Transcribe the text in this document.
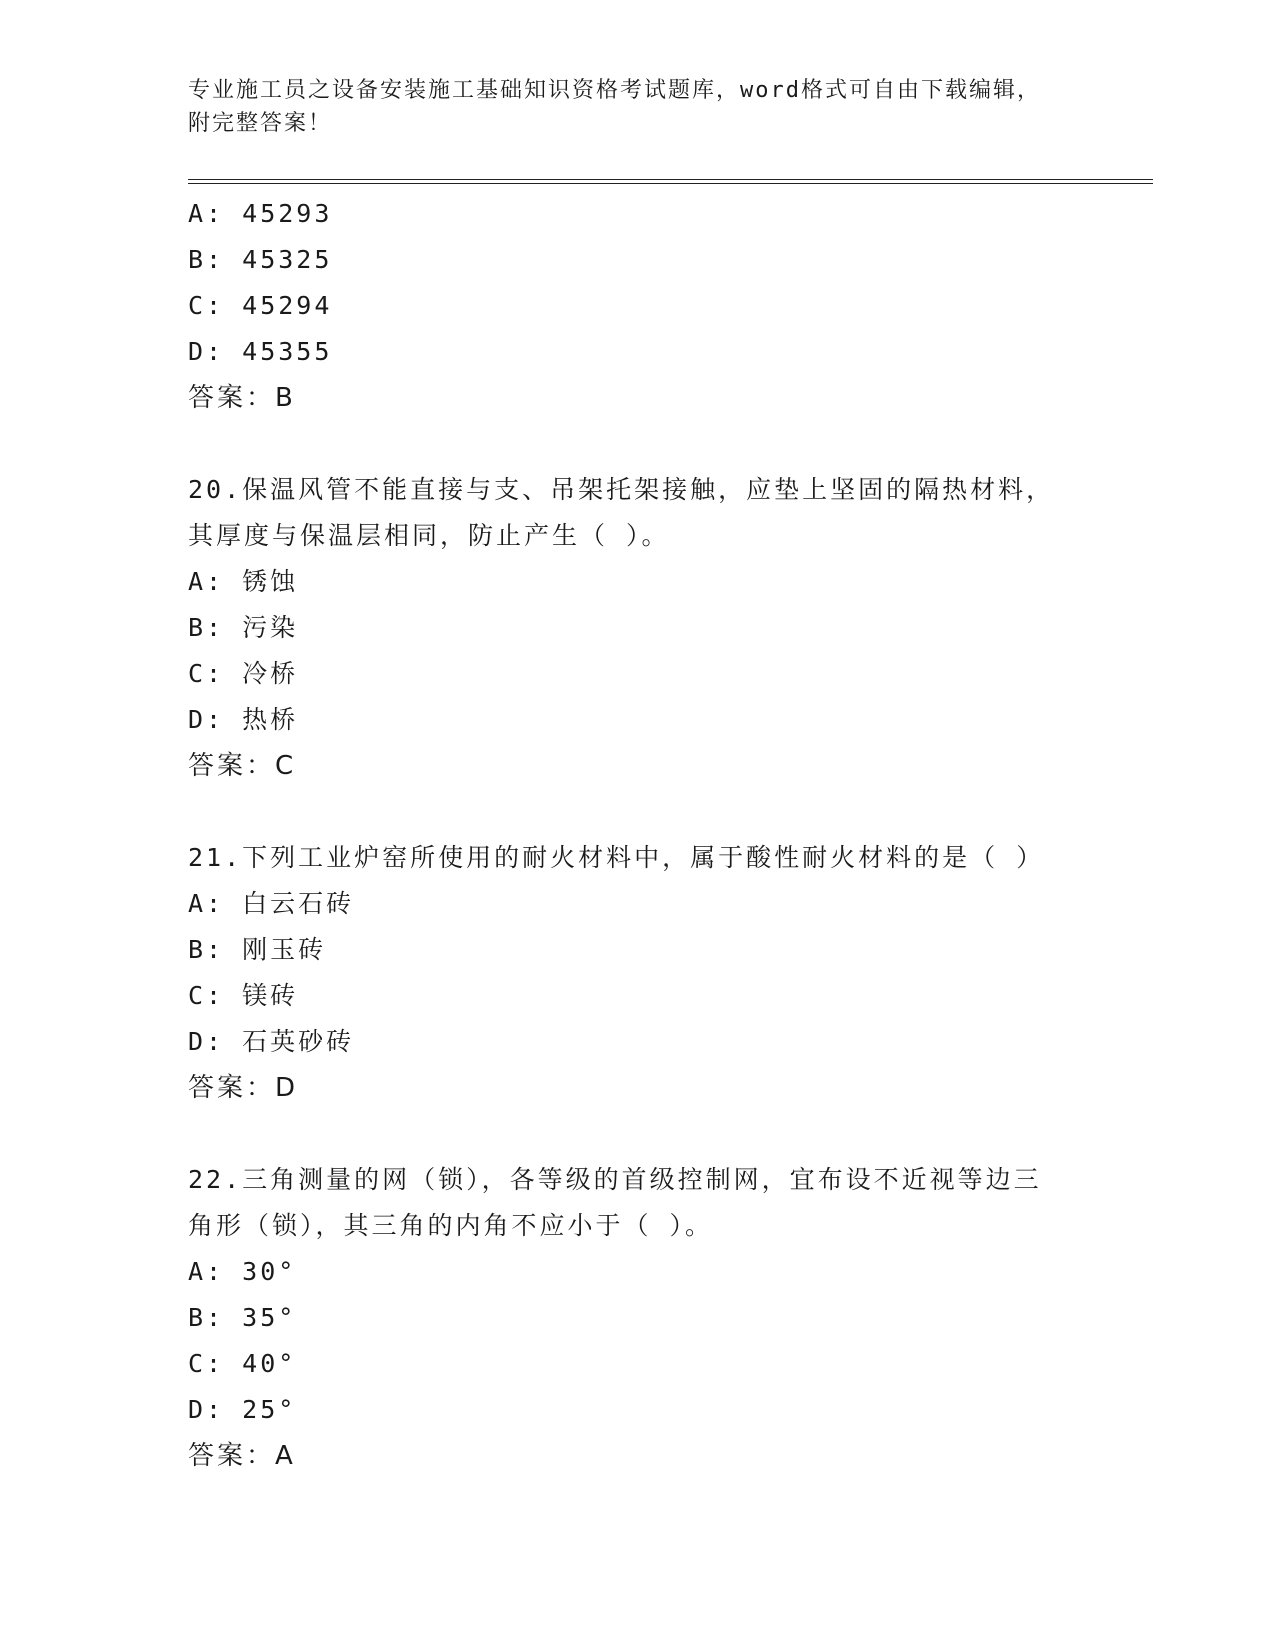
专业施工员之设备安装施工基础知识资格考试题库，word格式可自由下载编辑，
附完整答案！
A: 45293
B: 45325
C: 45294
D: 45355
答案：B
20.保温风管不能直接与支、吊架托架接触，应垫上坚固的隔热材料，
其厚度与保温层相同，防止产生（ ）。
A: 锈蚀
B: 污染
C: 冷桥
D: 热桥
答案：C
21.下列工业炉窑所使用的耐火材料中，属于酸性耐火材料的是（ ）
A: 白云石砖
B: 刚玉砖
C: 镁砖
D: 石英砂砖
答案：D
22.三角测量的网（锁），各等级的首级控制网，宜布设不近视等边三
角形（锁），其三角的内角不应小于（ ）。
A: 30°
B: 35°
C: 40°
D: 25°
答案：A
